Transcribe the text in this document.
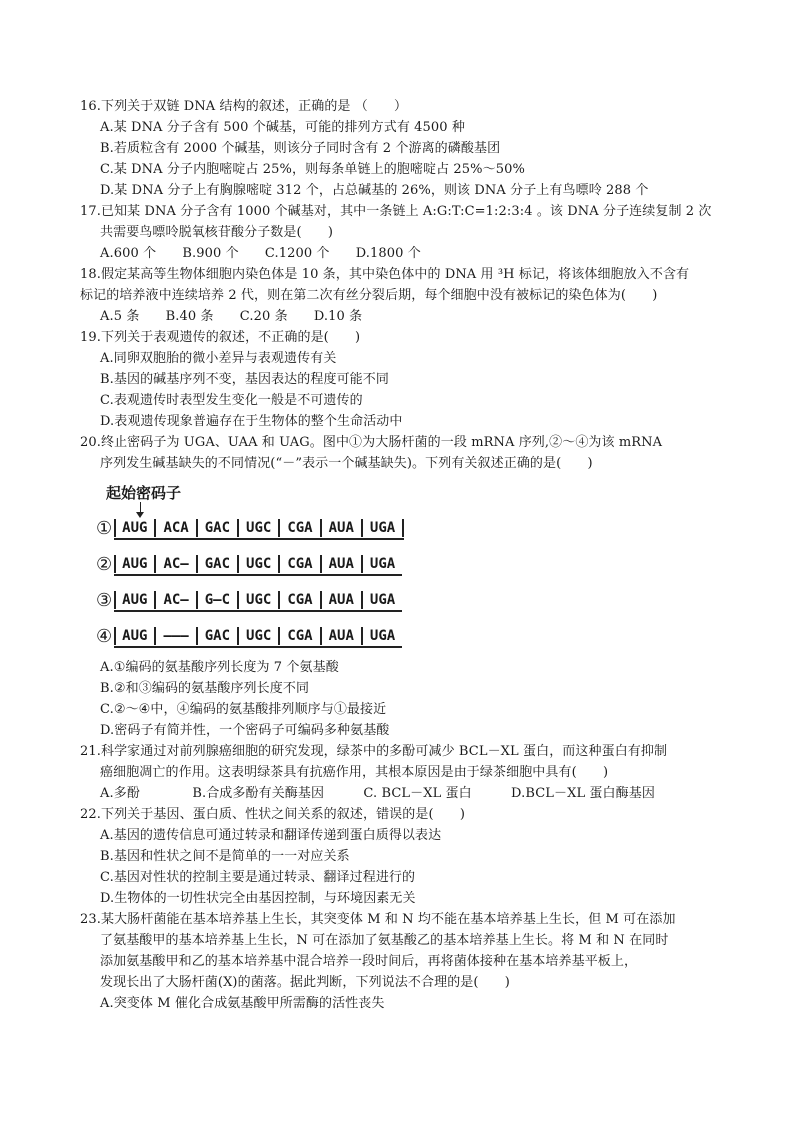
16.下列关于双链 DNA 结构的叙述，正确的是 （　　）
A.某 DNA 分子含有 500 个碱基，可能的排列方式有 4500 种
B.若质粒含有 2000 个碱基，则该分子同时含有 2 个游离的磷酸基团
C.某 DNA 分子内胞嘧啶占 25%，则每条单链上的胞嘧啶占 25%～50%
D.某 DNA 分子上有胸腺嘧啶 312 个，占总碱基的 26%，则该 DNA 分子上有鸟嘌呤 288 个
17.已知某 DNA 分子含有 1000 个碱基对，其中一条链上 A:G:T:C=1:2:3:4 。该 DNA 分子连续复制 2 次
共需要鸟嘌呤脱氧核苷酸分子数是(　　)
A.600 个　　B.900 个　　C.1200 个　　D.1800 个
18.假定某高等生物体细胞内染色体是 10 条，其中染色体中的 DNA 用 ³H 标记，将该体细胞放入不含有
标记的培养液中连续培养 2 代，则在第二次有丝分裂后期，每个细胞中没有被标记的染色体为(　　)
A.5 条　　B.40 条　　C.20 条　　D.10 条
19.下列关于表观遗传的叙述，不正确的是(　　)
A.同卵双胞胎的微小差异与表观遗传有关
B.基因的碱基序列不变，基因表达的程度可能不同
C.表观遗传时表型发生变化一般是不可遗传的
D.表观遗传现象普遍存在于生物体的整个生命活动中
20.终止密码子为 UGA、UAA 和 UAG。图中①为大肠杆菌的一段 mRNA 序列,②～④为该 mRNA
序列发生碱基缺失的不同情况(“－”表示一个碱基缺失)。下列有关叙述正确的是(　　)
起始密码子
① AUG	ACA	GAC	UGC	CGA	AUA	UGA
② AUG	AC–	GAC	UGC	CGA	AUA	UGA
③ AUG	AC–	G–C	UGC	CGA	AUA	UGA
④ AUG	–––	GAC	UGC	CGA	AUA	UGA
A.①编码的氨基酸序列长度为 7 个氨基酸
B.②和③编码的氨基酸序列长度不同
C.②～④中，④编码的氨基酸排列顺序与①最接近
D.密码子有简并性，一个密码子可编码多种氨基酸
21.科学家通过对前列腺癌细胞的研究发现，绿茶中的多酚可减少 BCL－XL 蛋白，而这种蛋白有抑制
癌细胞凋亡的作用。这表明绿茶具有抗癌作用，其根本原因是由于绿茶细胞中具有(　　)
A.多酚　　　　B.合成多酚有关酶基因　　　C. BCL－XL 蛋白　　　D.BCL－XL 蛋白酶基因
22.下列关于基因、蛋白质、性状之间关系的叙述，错误的是(　　)
A.基因的遗传信息可通过转录和翻译传递到蛋白质得以表达
B.基因和性状之间不是简单的一一对应关系
C.基因对性状的控制主要是通过转录、翻译过程进行的
D.生物体的一切性状完全由基因控制，与环境因素无关
23.某大肠杆菌能在基本培养基上生长，其突变体 M 和 N 均不能在基本培养基上生长，但 M 可在添加
了氨基酸甲的基本培养基上生长，N 可在添加了氨基酸乙的基本培养基上生长。将 M 和 N 在同时
添加氨基酸甲和乙的基本培养基中混合培养一段时间后，再将菌体接种在基本培养基平板上，
发现长出了大肠杆菌(X)的菌落。据此判断，下列说法不合理的是(　　)
A.突变体 M 催化合成氨基酸甲所需酶的活性丧失
